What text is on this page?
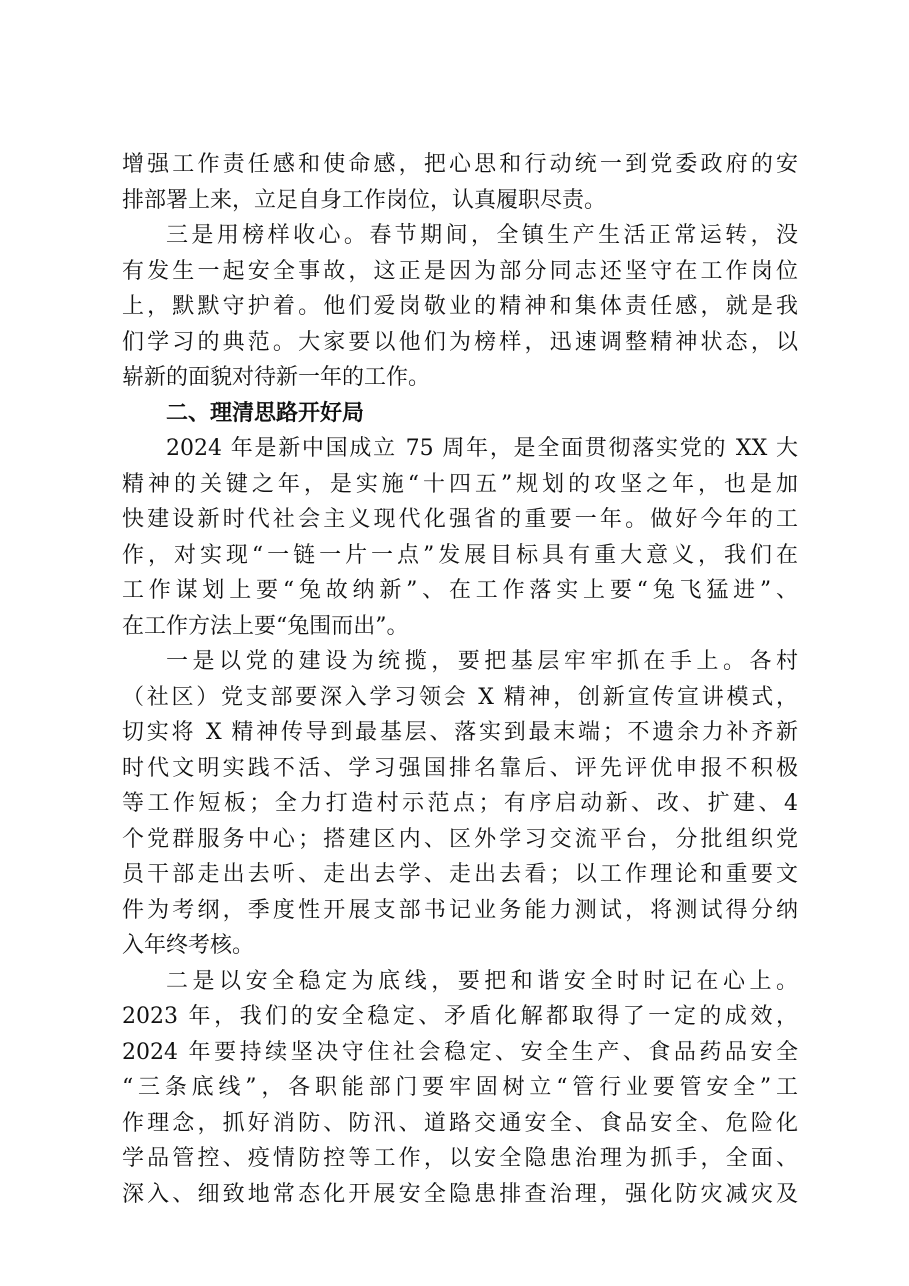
增强工作责任感和使命感，把心思和行动统一到党委政府的安
排部署上来，立足自身工作岗位，认真履职尽责。
三是用榜样收心。春节期间，全镇生产生活正常运转，没
有发生一起安全事故，这正是因为部分同志还坚守在工作岗位
上，默默守护着。他们爱岗敬业的精神和集体责任感，就是我
们学习的典范。大家要以他们为榜样，迅速调整精神状态，以
崭新的面貌对待新一年的工作。
二、理清思路开好局
2024 年是新中国成立 75 周年，是全面贯彻落实党的 XX 大
精神的关键之年，是实施“十四五”规划的攻坚之年，也是加
快建设新时代社会主义现代化强省的重要一年。做好今年的工
作，对实现“一链一片一点”发展目标具有重大意义，我们在
工作谋划上要“兔故纳新”、在工作落实上要“兔飞猛进”、
在工作方法上要“兔围而出”。
一是以党的建设为统揽，要把基层牢牢抓在手上。各村
（社区）党支部要深入学习领会 X 精神，创新宣传宣讲模式，
切实将 X 精神传导到最基层、落实到最末端；不遗余力补齐新
时代文明实践不活、学习强国排名靠后、评先评优申报不积极
等工作短板；全力打造村示范点；有序启动新、改、扩建、4
个党群服务中心；搭建区内、区外学习交流平台，分批组织党
员干部走出去听、走出去学、走出去看；以工作理论和重要文
件为考纲，季度性开展支部书记业务能力测试，将测试得分纳
入年终考核。
二是以安全稳定为底线，要把和谐安全时时记在心上。
2023 年，我们的安全稳定、矛盾化解都取得了一定的成效，
2024 年要持续坚决守住社会稳定、安全生产、食品药品安全
“三条底线”，各职能部门要牢固树立“管行业要管安全”工
作理念，抓好消防、防汛、道路交通安全、食品安全、危险化
学品管控、疫情防控等工作，以安全隐患治理为抓手，全面、
深入、细致地常态化开展安全隐患排查治理，强化防灾减灾及
